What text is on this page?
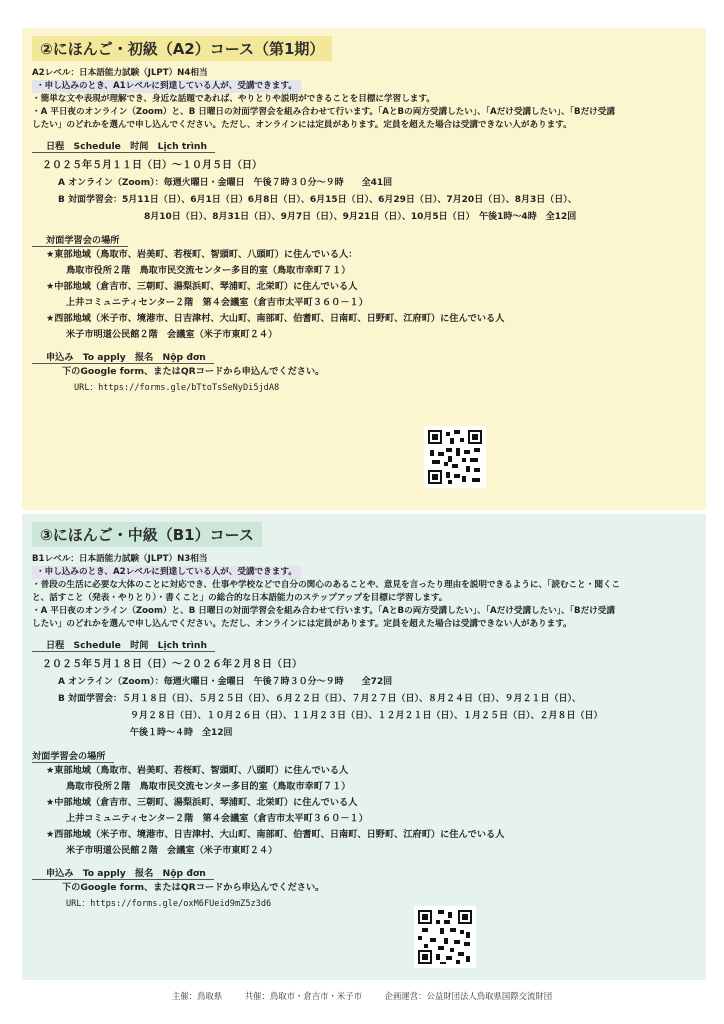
②にほんご・初級（A2）コース（第1期）

A2レベル：日本語能力試験（JLPT）N4相当

・申し込みのとき、A1レベルに到達している人が、受講できます。

・簡単な文や表現が理解でき、身近な話題であれば、やりとりや説明ができることを目標に学習します。

・A 平日夜のオンライン（Zoom）と、B 日曜日の対面学習会を組み合わせて行います。「AとBの両方受講したい」、「Aだけ受講したい」、「Bだけ受講

したい」のどれかを選んで申し込んでください。ただし、オンラインには定員があります。定員を超えた場合は受講できない人があります。

日程　Schedule　时间　Lịch trình
２０２５年５月１１日（日）～１０月５日（日）

A オンライン（Zoom）：毎週火曜日・金曜日　午後７時３０分～９時　　全41回

B 対面学習会：5月11日（日）、6月1日（日）6月8日（日）、6月15日（日）、6月29日（日）、7月20日（日）、8月3日（日）、

8月10日（日）、8月31日（日）、9月7日（日）、9月21日（日）、10月5日（日）　午後1時～4時　全12回

対面学習会の場所

★東部地域（鳥取市、岩美町、若桜町、智頭町、八頭町）に住んでいる人：

鳥取市役所２階　鳥取市民交流センター多目的室（鳥取市幸町７１）

★中部地域（倉吉市、三朝町、湯梨浜町、琴浦町、北栄町）に住んでいる人

上井コミュニティセンター２階　第４会議室（倉吉市太平町３６０－１）

★西部地域（米子市、境港市、日吉津村、大山町、南部町、伯耆町、日南町、日野町、江府町）に住んでいる人

米子市明道公民館２階　会議室（米子市東町２４）

申込み　To apply　报名　Nộp đơn

下のGoogle form、またはQRコードから申込んでください。

URL：https://forms.gle/bTtoTsSeNyDi5jdA8

③にほんご・中級（B1）コース

B1レベル：日本語能力試験（JLPT）N3相当

・申し込みのとき、A2レベルに到達している人が、受講できます。

・普段の生活に必要な大体のことに対応でき、仕事や学校などで自分の関心のあることや、意見を言ったり理由を説明できるように、「読むこと・聞くこ

と、話すこと（発表・やりとり）・書くこと」の総合的な日本語能力のステップアップを目標に学習します。

・A 平日夜のオンライン（Zoom）と、B 日曜日の対面学習会を組み合わせて行います。「AとBの両方受講したい」、「Aだけ受講したい」、「Bだけ受講

したい」のどれかを選んで申し込んでください。ただし、オンラインには定員があります。定員を超えた場合は受講できない人があります。

日程　Schedule　时间　Lịch trình
２０２５年５月１８日（日）～２０２６年２月８日（日）

A オンライン（Zoom）：毎週火曜日・金曜日　午後７時３０分～９時　　全72回

B 対面学習会：５月１８日（日）、５月２５日（日）、６月２２日（日）、７月２７日（日）、８月２４日（日）、９月２１日（日）、

９月２８日（日）、１０月２６日（日）、１１月２３日（日）、１２月２１日（日）、１月２５日（日）、２月８日（日）

午後１時～４時　全12回

対面学習会の場所

★東部地域（鳥取市、岩美町、若桜町、智頭町、八頭町）に住んでいる人

鳥取市役所２階　鳥取市民交流センター多目的室（鳥取市幸町７１）

★中部地域（倉吉市、三朝町、湯梨浜町、琴浦町、北栄町）に住んでいる人

上井コミュニティセンター２階　第４会議室（倉吉市太平町３６０－１）

★西部地域（米子市、境港市、日吉津村、大山町、南部町、伯耆町、日南町、日野町、江府町）に住んでいる人

米子市明道公民館２階　会議室（米子市東町２４）

申込み　To apply　报名　Nộp đơn

下のGoogle form、またはQRコードから申込んでください。

URL：https://forms.gle/oxM6FUeid9mZ5z3d6

主催：鳥取県	共催：鳥取市・倉吉市・米子市	企画運営：公益財団法人鳥取県国際交流財団
